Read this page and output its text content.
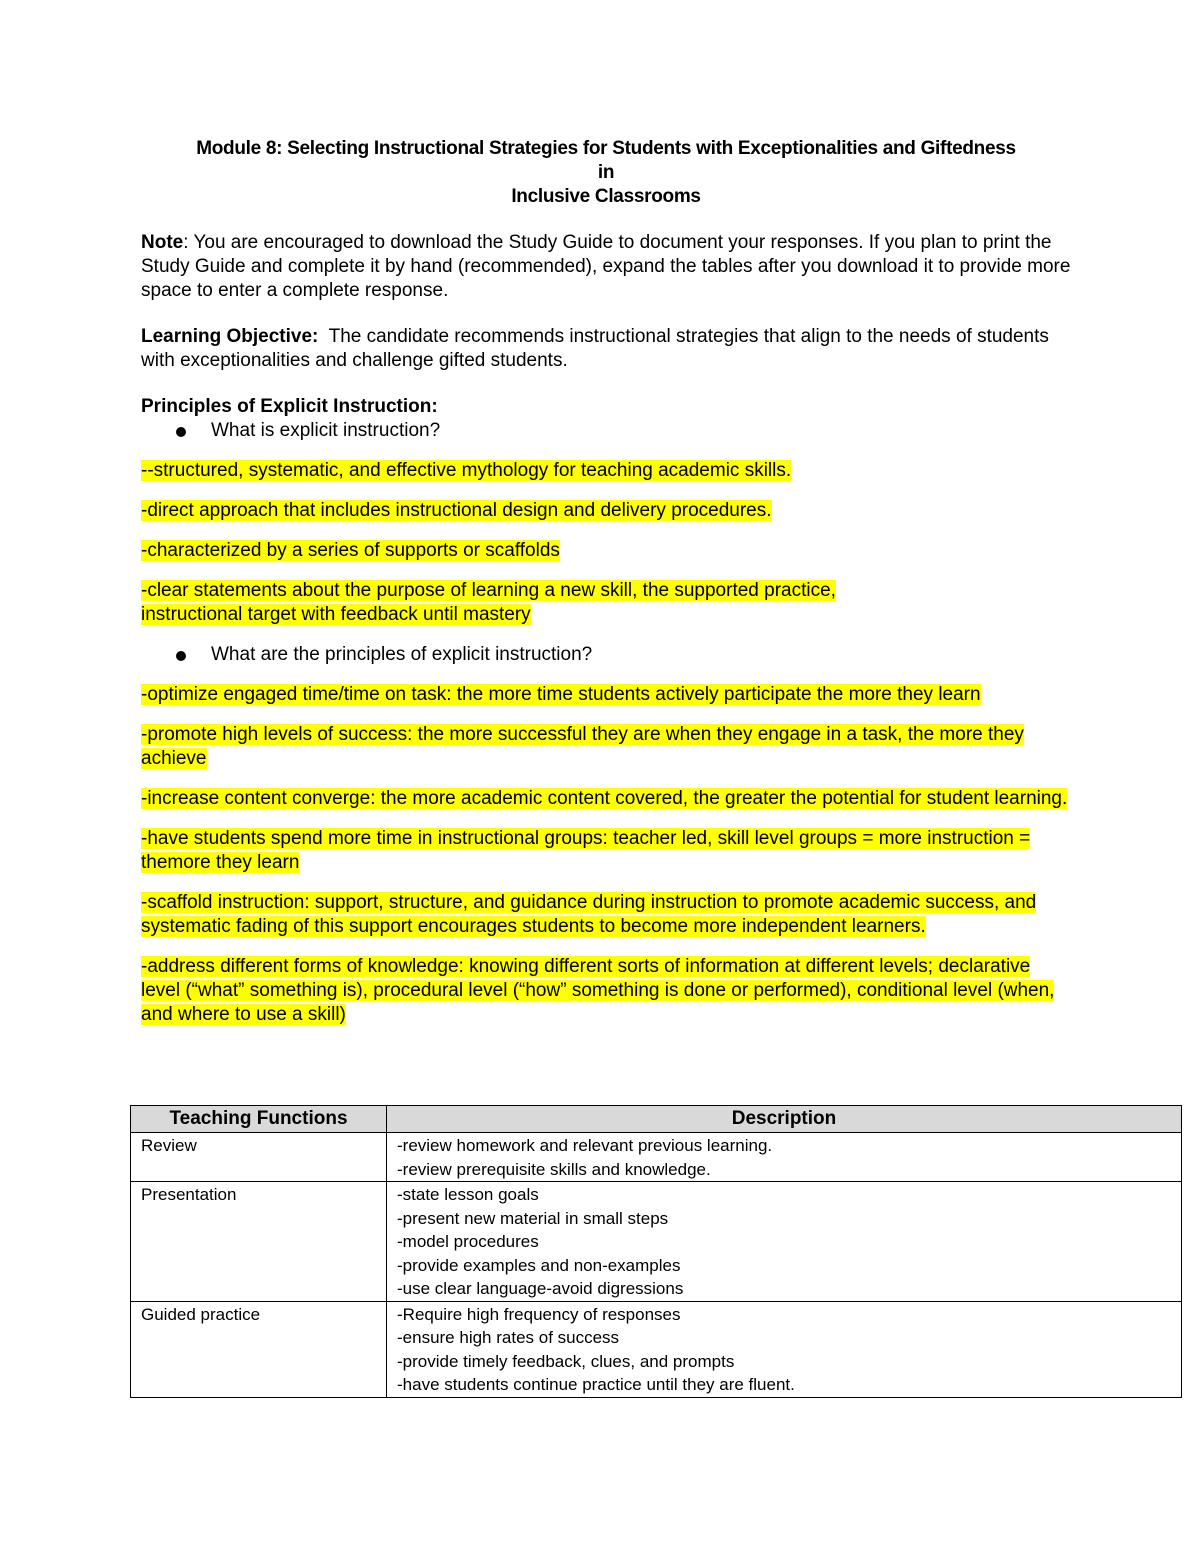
Module 8: Selecting Instructional Strategies for Students with Exceptionalities and Giftedness
in
Inclusive Classrooms

Note: You are encouraged to download the Study Guide to document your responses. If you plan to print the Study Guide and complete it by hand (recommended), expand the tables after you download it to provide more space to enter a complete response.

Learning Objective:  The candidate recommends instructional strategies that align to the needs of students with exceptionalities and challenge gifted students.

Principles of Explicit Instruction:

What is explicit instruction?

--structured, systematic, and effective mythology for teaching academic skills.

-direct approach that includes instructional design and delivery procedures.

-characterized by a series of supports or scaffolds

-clear statements about the purpose of learning a new skill, the supported practice, instructional target with feedback until mastery

What are the principles of explicit instruction?

-optimize engaged time/time on task: the more time students actively participate the more they learn

-promote high levels of success: the more successful they are when they engage in a task, the more they achieve

-increase content converge: the more academic content covered, the greater the potential for student learning.

-have students spend more time in instructional groups: teacher led, skill level groups = more instruction = themore they learn

-scaffold instruction: support, structure, and guidance during instruction to promote academic success, and systematic fading of this support encourages students to become more independent learners.

-address different forms of knowledge: knowing different sorts of information at different levels; declarative level (“what” something is), procedural level (“how” something is done or performed), conditional level (when, and where to use a skill)

Teaching Functions	Description
Review	-review homework and relevant previous learning.
-review prerequisite skills and knowledge.

Presentation	-state lesson goals
-present new material in small steps
-model procedures
-provide examples and non-examples
-use clear language-avoid digressions

Guided practice	-Require high frequency of responses
-ensure high rates of success
-provide timely feedback, clues, and prompts
-have students continue practice until they are fluent.
